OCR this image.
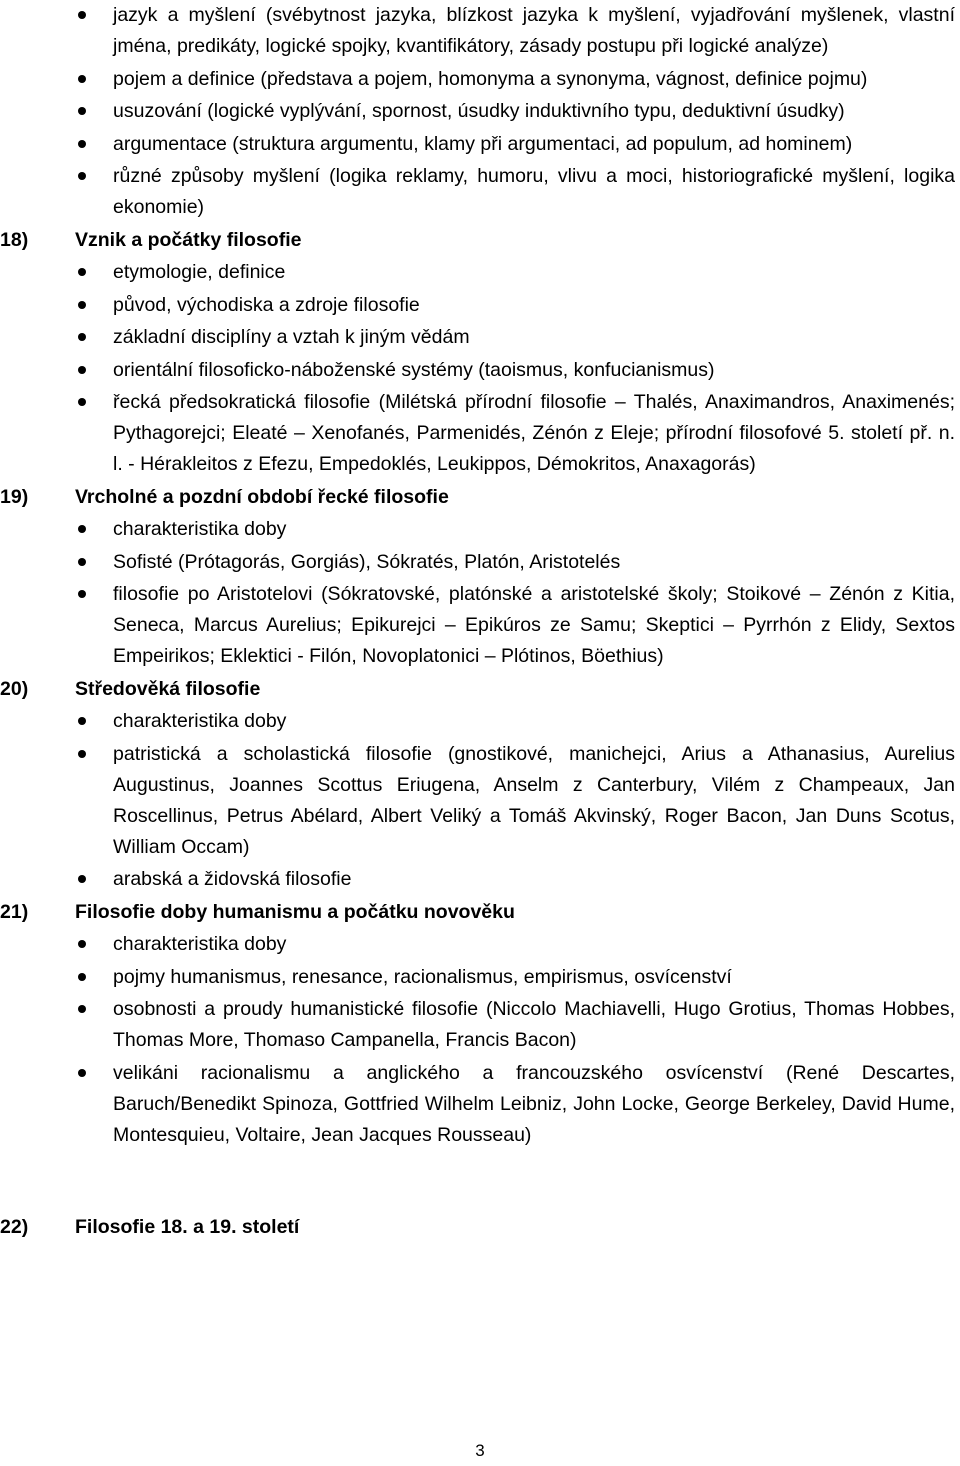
jazyk a myšlení (svébytnost jazyka, blízkost jazyka k myšlení, vyjadřování myšlenek, vlastní jména, predikáty, logické spojky, kvantifikátory, zásady postupu při logické analýze)
pojem a definice (představa a pojem, homonyma a synonyma, vágnost, definice pojmu)
usuzování (logické vyplývání, spornost, úsudky induktivního typu, deduktivní úsudky)
argumentace (struktura argumentu, klamy při argumentaci, ad populum, ad hominem)
různé způsoby myšlení (logika reklamy, humoru, vlivu a moci, historiografické myšlení, logika ekonomie)
18) Vznik a počátky filosofie
etymologie, definice
původ, východiska a zdroje filosofie
základní disciplíny a vztah k jiným vědám
orientální filosoficko-náboženské systémy (taoismus, konfucianismus)
řecká předsokratická filosofie (Milétská přírodní filosofie – Thalés, Anaximandros, Anaximenés; Pythagorejci; Eleaté – Xenofanés, Parmenidés, Zénón z Eleje; přírodní filosofové 5. století př. n. l. - Hérakleitos z Efezu, Empedoklés, Leukippos, Démokritos, Anaxagorás)
19) Vrcholné a pozdní období řecké filosofie
charakteristika doby
Sofisté (Prótagorás, Gorgiás), Sókratés, Platón, Aristotelés
filosofie po Aristotelovi (Sókratovské, platónské a aristotelské školy; Stoikové – Zénón z Kitia, Seneca, Marcus Aurelius; Epikurejci – Epikúros ze Samu; Skeptici – Pyrrhón z Elidy, Sextos Empeirikos; Eklektici - Filón, Novoplatonici – Plótinos, Böethius)
20) Středověká filosofie
charakteristika doby
patristická a scholastická filosofie (gnostikové, manichejci, Arius a Athanasius, Aurelius Augustinus, Joannes Scottus Eriugena, Anselm z Canterbury, Vilém z Champeaux, Jan Roscellinus, Petrus Abélard, Albert Veliký a Tomáš Akvinský, Roger Bacon, Jan Duns Scotus, William Occam)
arabská a židovská filosofie
21) Filosofie doby humanismu a počátku novověku
charakteristika doby
pojmy humanismus, renesance, racionalismus, empirismus, osvícenství
osobnosti a proudy humanistické filosofie (Niccolo Machiavelli, Hugo Grotius, Thomas Hobbes, Thomas More, Thomaso Campanella, Francis Bacon)
velikáni racionalismu a anglického a francouzského osvícenství (René Descartes, Baruch/Benedikt Spinoza, Gottfried Wilhelm Leibniz, John Locke, George Berkeley, David Hume, Montesquieu, Voltaire, Jean Jacques Rousseau)
22) Filosofie 18. a 19. století
3
